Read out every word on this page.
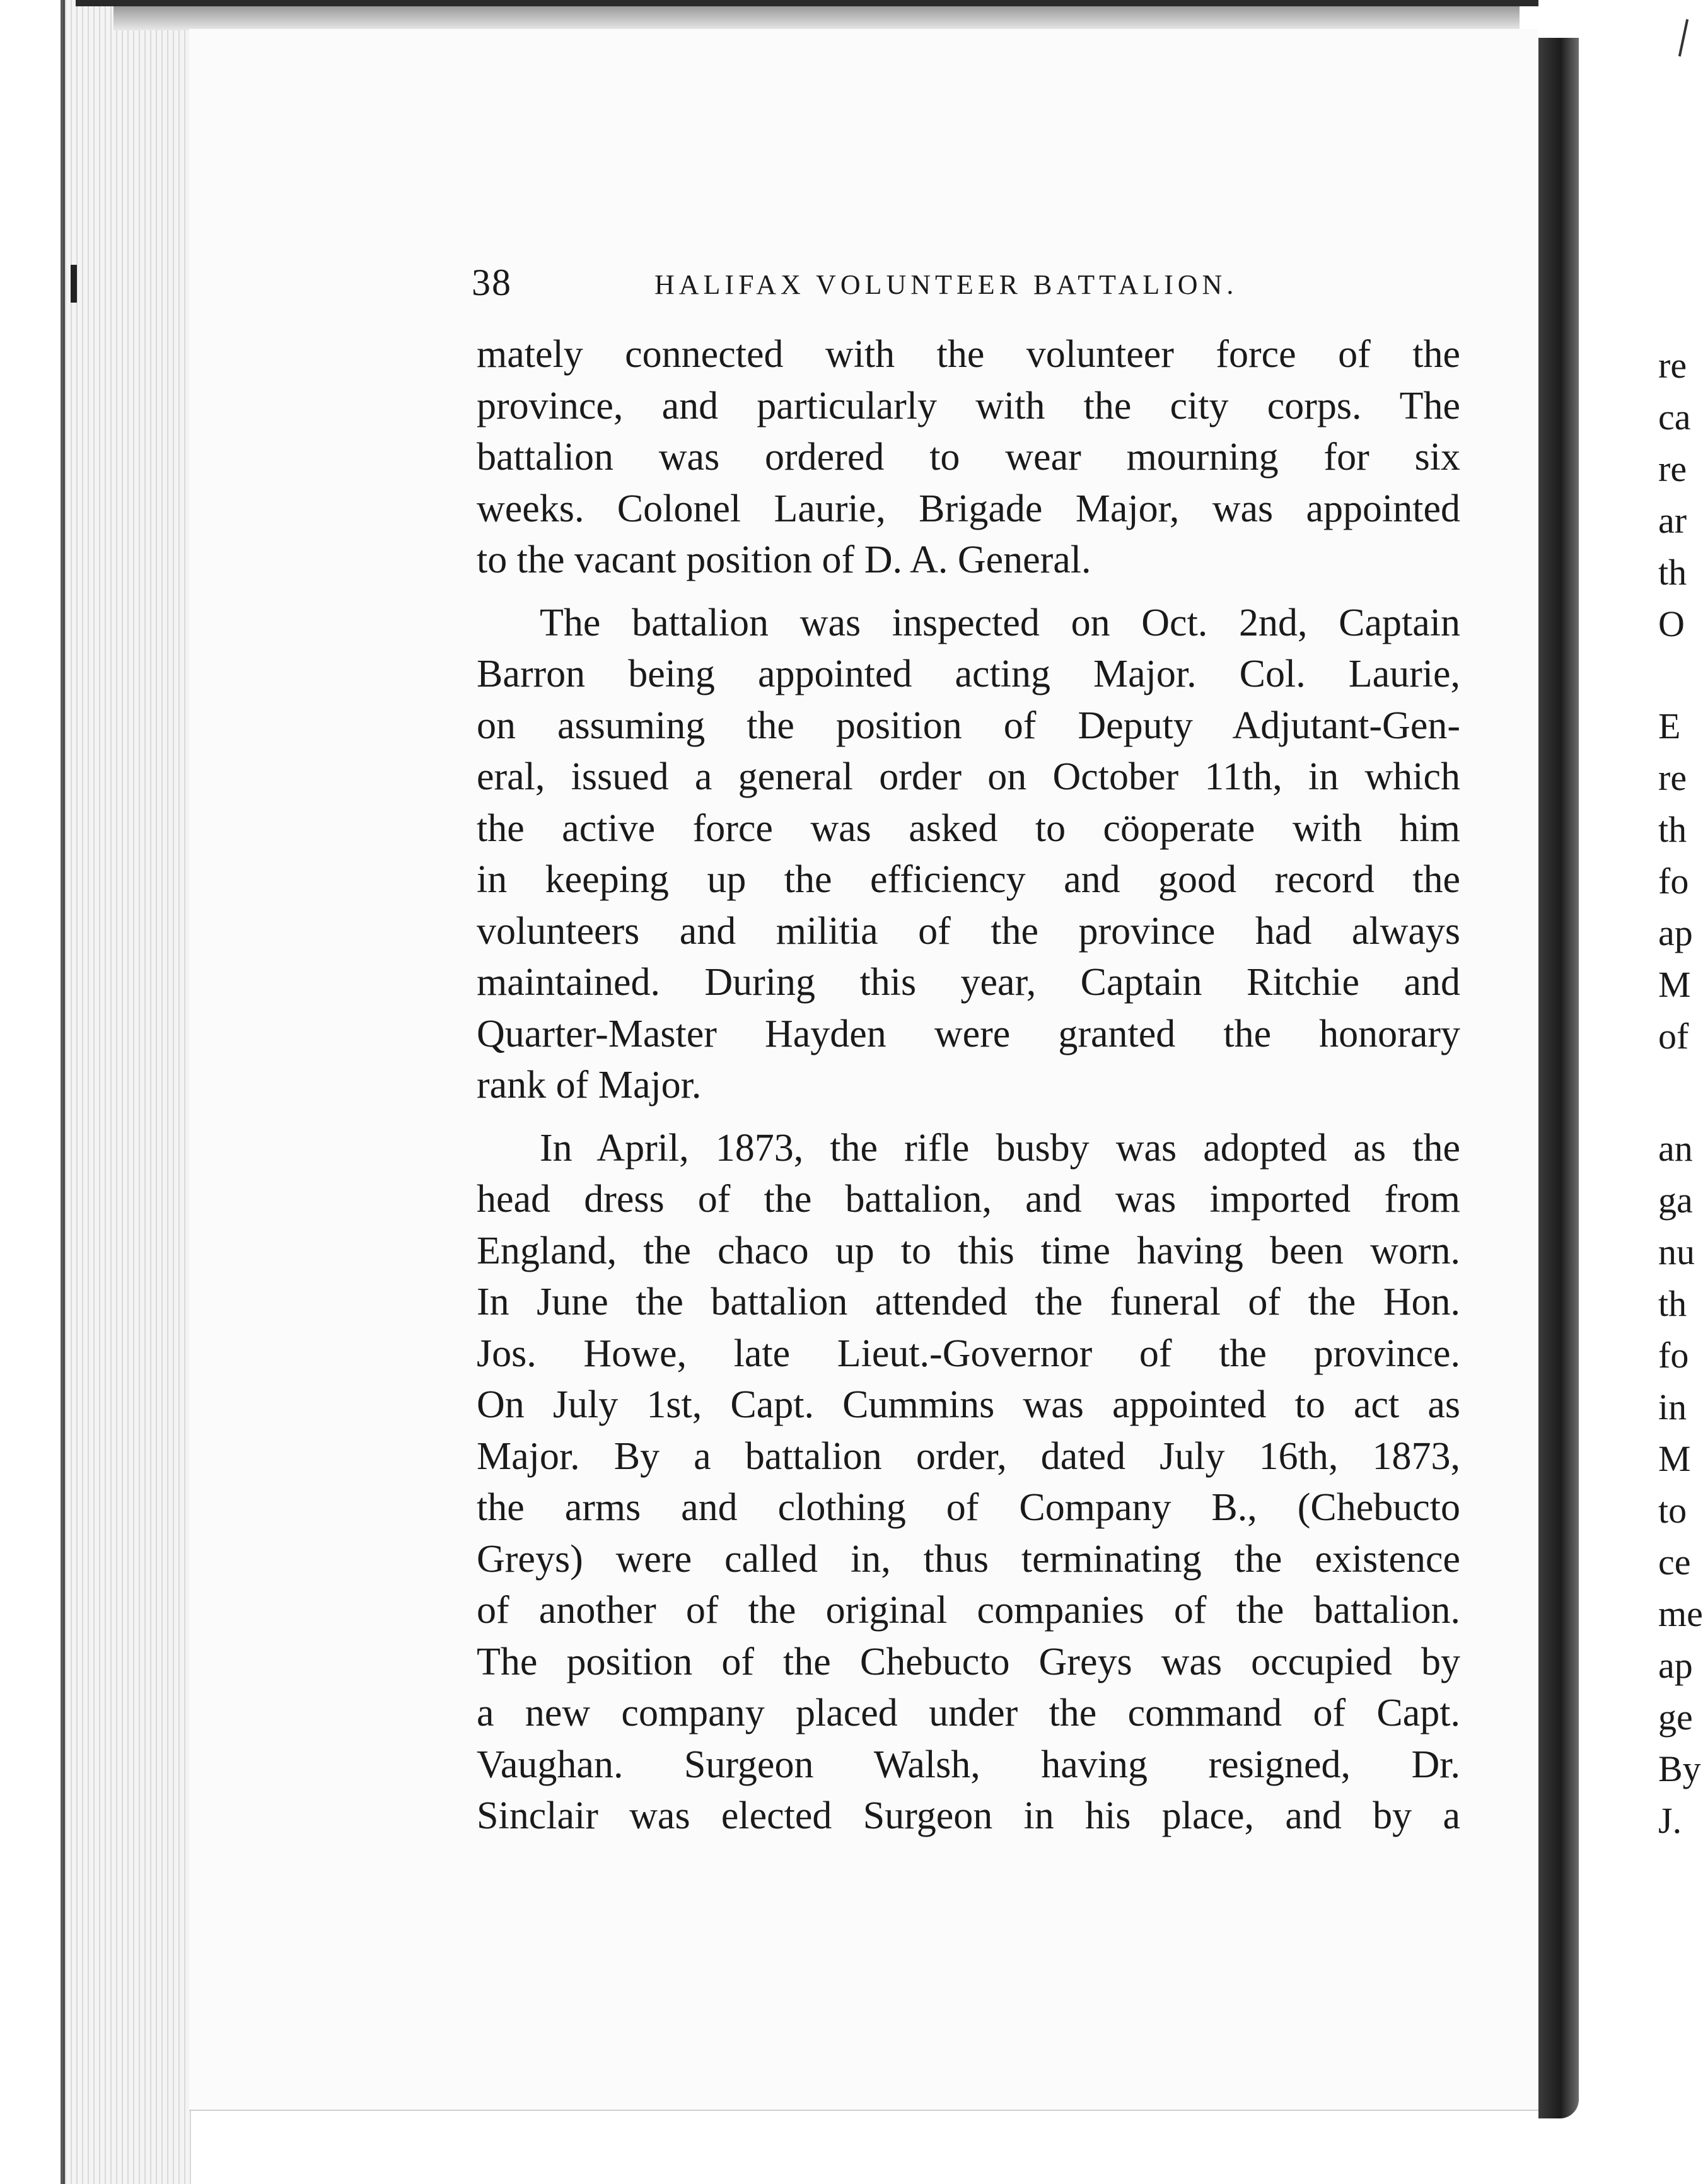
38	HALIFAX VOLUNTEER BATTALION.
mately connected with the volunteer force of the
province, and particularly with the city corps. The
battalion was ordered to wear mourning for six
weeks. Colonel Laurie, Brigade Major, was appointed
to the vacant position of D. A. General.
The battalion was inspected on Oct. 2nd, Captain
Barron being appointed acting Major. Col. Laurie,
on assuming the position of Deputy Adjutant-Gen-
eral, issued a general order on October 11th, in which
the active force was asked to cöoperate with him
in keeping up the efficiency and good record the
volunteers and militia of the province had always
maintained. During this year, Captain Ritchie and
Quarter-Master Hayden were granted the honorary
rank of Major.
In April, 1873, the rifle busby was adopted as the
head dress of the battalion, and was imported from
England, the chaco up to this time having been worn.
In June the battalion attended the funeral of the Hon.
Jos. Howe, late Lieut.-Governor of the province.
On July 1st, Capt. Cummins was appointed to act as
Major. By a battalion order, dated July 16th, 1873,
the arms and clothing of Company B., (Chebucto
Greys) were called in, thus terminating the existence
of another of the original companies of the battalion.
The position of the Chebucto Greys was occupied by
a new company placed under the command of Capt.
Vaughan. Surgeon Walsh, having resigned, Dr.
Sinclair was elected Surgeon in his place, and by a
re
ca
re
ar
th
O
E
re
th
fo
ap
M
of
an
ga
nu
th
fo
in
M
to
ce
me
ap
ge
By
J.
